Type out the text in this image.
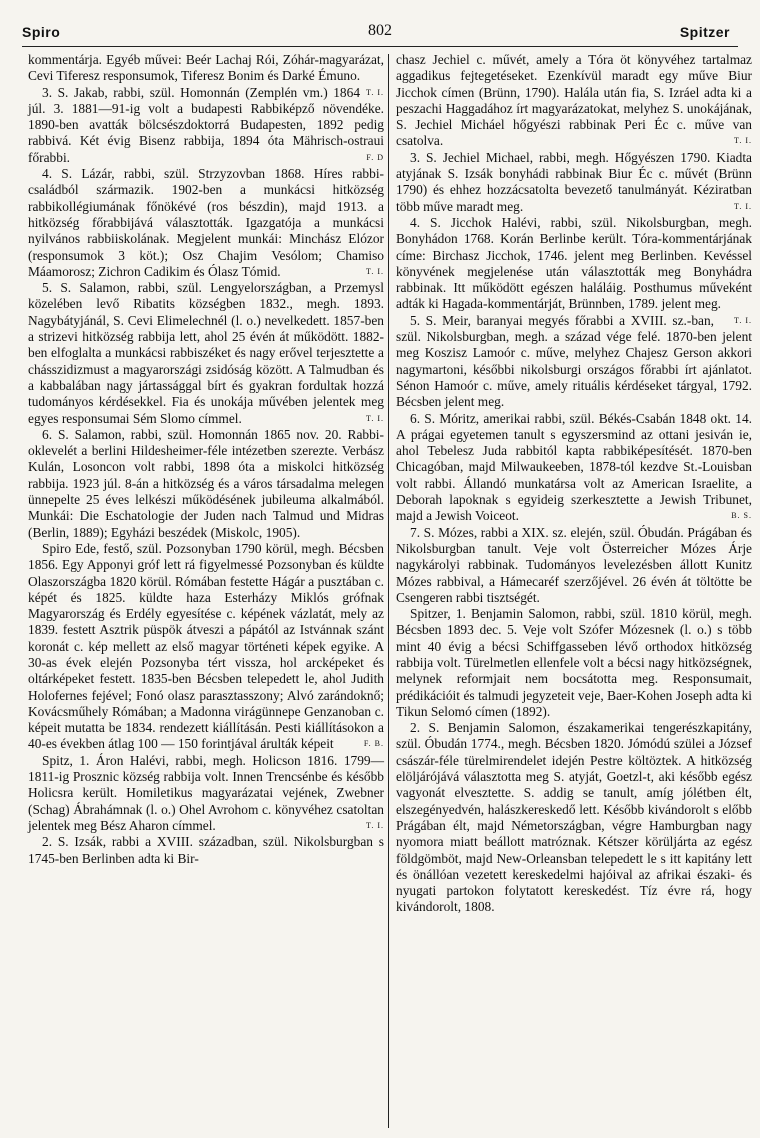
Spiro	802	Spitzer

kommentárja. Egyéb művei: Beér Lachaj Rói, Zóhár-magyarázat, Cevi Tiferesz responsumok, Tiferesz Bonim és Darké Émuno.
T. I.

3. S. Jakab, rabbi, szül. Homonnán (Zemplén vm.) 1864 júl. 3. 1881—91-ig volt a budapesti Rabbiképző növendéke. 1890-ben avatták bölcsészdoktorrá Budapesten, 1892 pedig rabbivá. Két évig Bisenz rabbija, 1894 óta Mährisch-ostraui főrabbi.	F. D

4. S. Lázár, rabbi, szül. Strzyzovban 1868. Híres rabbi-családból származik. 1902-ben a munkácsi hitközség rabbikollégiumának főnökévé (ros bészdin), majd 1913. a hitközség főrabbijává választották. Igazgatója a munkácsi nyilvános rabbiiskolának. Megjelent munkái: Minchász Elózor (responsumok 3 köt.); Osz Chajim Vesólom; Chamiso Máamorosz; Zichron Cadikim és Ólasz Tómid.	T. I.

5. S. Salamon, rabbi, szül. Lengyelországban, a Przemysl közelében levő Ribatits községben 1832., megh. 1893. Nagybátyjánál, S. Cevi Elimelechnél (l. o.) nevelkedett. 1857-ben a strizevi hitközség rabbija lett, ahol 25 évén át működött. 1882-ben elfoglalta a munkácsi rabbiszéket és nagy erővel terjesztette a chásszidizmust a magyarországi zsidóság között. A Talmudban és a kabbalában nagy jártassággal bírt és gyakran fordultak hozzá tudományos kérdésekkel. Fia és unokája művében jelentek meg egyes responsumai Sém Slomo címmel.	T. I.

6. S. Salamon, rabbi, szül. Homonnán 1865 nov. 20. Rabbi-oklevelét a berlini Hildesheimer-féle intézetben szerezte. Verbász Kulán, Losoncon volt rabbi, 1898 óta a miskolci hitközség rabbija. 1923 júl. 8-án a hitközség és a város társadalma melegen ünnepelte 25 éves lelkészi működésének jubileuma alkalmából. Munkái: Die Eschatologie der Juden nach Talmud und Midras (Berlin, 1889); Egyházi beszédek (Miskolc, 1905).

Spiro Ede, festő, szül. Pozsonyban 1790 körül, megh. Bécsben 1856. Egy Apponyi gróf lett rá figyelmessé Pozsonyban és küldte Olaszországba 1820 körül. Rómában festette Hágár a pusztában c. képét és 1825. küldte haza Esterházy Miklós grófnak Magyarország és Erdély egyesítése c. képének vázlatát, mely az 1839. festett Asztrik püspök átveszi a pápától az Istvánnak szánt koronát c. kép mellett az első magyar történeti képek egyike. A 30-as évek elején Pozsonyba tért vissza, hol arcképeket és oltárképeket festett. 1835-ben Bécsben telepedett le, ahol Judith Holofernes fejével; Fonó olasz parasztasszony; Alvó zarándoknő; Kovácsműhely Rómában; a Madonna virágünnepe Genzanoban c. képeit mutatta be 1834. rendezett kiállításán. Pesti kiállításokon a 40-es években átlag 100 — 150 forintjával árulták képeit	F. B.

Spitz, 1. Áron Halévi, rabbi, megh. Holicson 1816. 1799—1811-ig Prosznic község rabbija volt. Innen Trencsénbe és később Holicsra került. Homiletikus magyarázatai vejének, Zwebner (Schag) Ábrahámnak (l. o.) Ohel Avrohom c. könyvéhez csatoltan jelentek meg Bész Aharon címmel.	T. I.

2. S. Izsák, rabbi a XVIII. században, szül. Nikolsburgban s 1745-ben Berlinben adta ki Bir-

chasz Jechiel c. művét, amely a Tóra öt könyvéhez tartalmaz aggadikus fejtegetéseket. Ezenkívül maradt egy műve Biur Jicchok címen (Brünn, 1790). Halála után fia, S. Izráel adta ki a peszachi Haggadához írt magyarázatokat, melyhez S. unokájának, S. Jechiel Micháel hőgyészi rabbinak Peri Éc c. műve van csatolva.	T. I.

3. S. Jechiel Michael, rabbi, megh. Hőgyészen 1790. Kiadta atyjának S. Izsák bonyhádi rabbinak Biur Éc c. művét (Brünn 1790) és ehhez hozzácsatolta bevezető tanulmányát. Kéziratban több műve maradt meg.	T. I.

4. S. Jicchok Halévi, rabbi, szül. Nikolsburgban, megh. Bonyhádon 1768. Korán Berlinbe került. Tóra-kommentárjának címe: Birchasz Jicchok, 1746. jelent meg Berlinben. Kevéssel könyvének megjelenése után választották meg Bonyhádra rabbinak. Itt működött egészen haláláig. Posthumus műveként adták ki Hagada-kommentárját, Brünnben, 1789. jelent meg.
T. I.

5. S. Meir, baranyai megyés főrabbi a XVIII. sz.-ban, szül. Nikolsburgban, megh. a század vége felé. 1870-ben jelent meg Koszisz Lamoór c. műve, melyhez Chajesz Gerson akkori nagymartoni, későbbi nikolsburgi országos főrabbi írt ajánlatot. Sénon Hamoór c. műve, amely rituális kérdéseket tárgyal, 1792. Bécsben jelent meg.

6. S. Móritz, amerikai rabbi, szül. Békés-Csabán 1848 okt. 14. A prágai egyetemen tanult s egyszersmind az ottani jesiván ie, ahol Tebelesz Juda rabbitól kapta rabbiképesítését. 1870-ben Chicagóban, majd Milwaukeeben, 1878-tól kezdve St.-Louisban volt rabbi. Állandó munkatársa volt az American Israelite, a Deborah lapoknak s egyideig szerkesztette a Jewish Tribunet, majd a Jewish Voiceot.	B. S.

7. S. Mózes, rabbi a XIX. sz. elején, szül. Óbudán. Prágában és Nikolsburgban tanult. Veje volt Österreicher Mózes Árje nagykárolyi rabbinak. Tudományos levelezésben állott Kunitz Mózes rabbival, a Hámecaréf szerzőjével. 26 évén át töltötte be Csengeren rabbi tisztségét.

Spitzer, 1. Benjamin Salomon, rabbi, szül. 1810 körül, megh. Bécsben 1893 dec. 5. Veje volt Szófer Mózesnek (l. o.) s több mint 40 évig a bécsi Schiffgasseben lévő orthodox hitközség rabbija volt. Türelmetlen ellenfele volt a bécsi nagy hitközségnek, melynek reformjait nem bocsátotta meg. Responsumait, prédikációit és talmudi jegyzeteit veje, Baer-Kohen Joseph adta ki Tikun Selomó címen (1892).

2. S. Benjamin Salomon, északamerikai tengerészkapitány, szül. Óbudán 1774., megh. Bécsben 1820. Jómódú szülei a József császár-féle türelmirendelet idején Pestre költöztek. A hitközség elöljárójává választotta meg S. atyját, Goetzl-t, aki később egész vagyonát elvesztette. S. addig se tanult, amíg jólétben élt, elszegényedvén, halászkereskedő lett. Később kivándorolt s előbb Prágában élt, majd Németországban, végre Hamburgban nagy nyomora miatt beállott matróznak. Kétszer körüljárta az egész földgömböt, majd New-Orleansban telepedett le s itt kapitány lett és önállóan vezetett kereskedelmi hajóival az afrikai északi- és nyugati partokon folytatott kereskedést. Tíz évre rá, hogy kivándorolt, 1808.
